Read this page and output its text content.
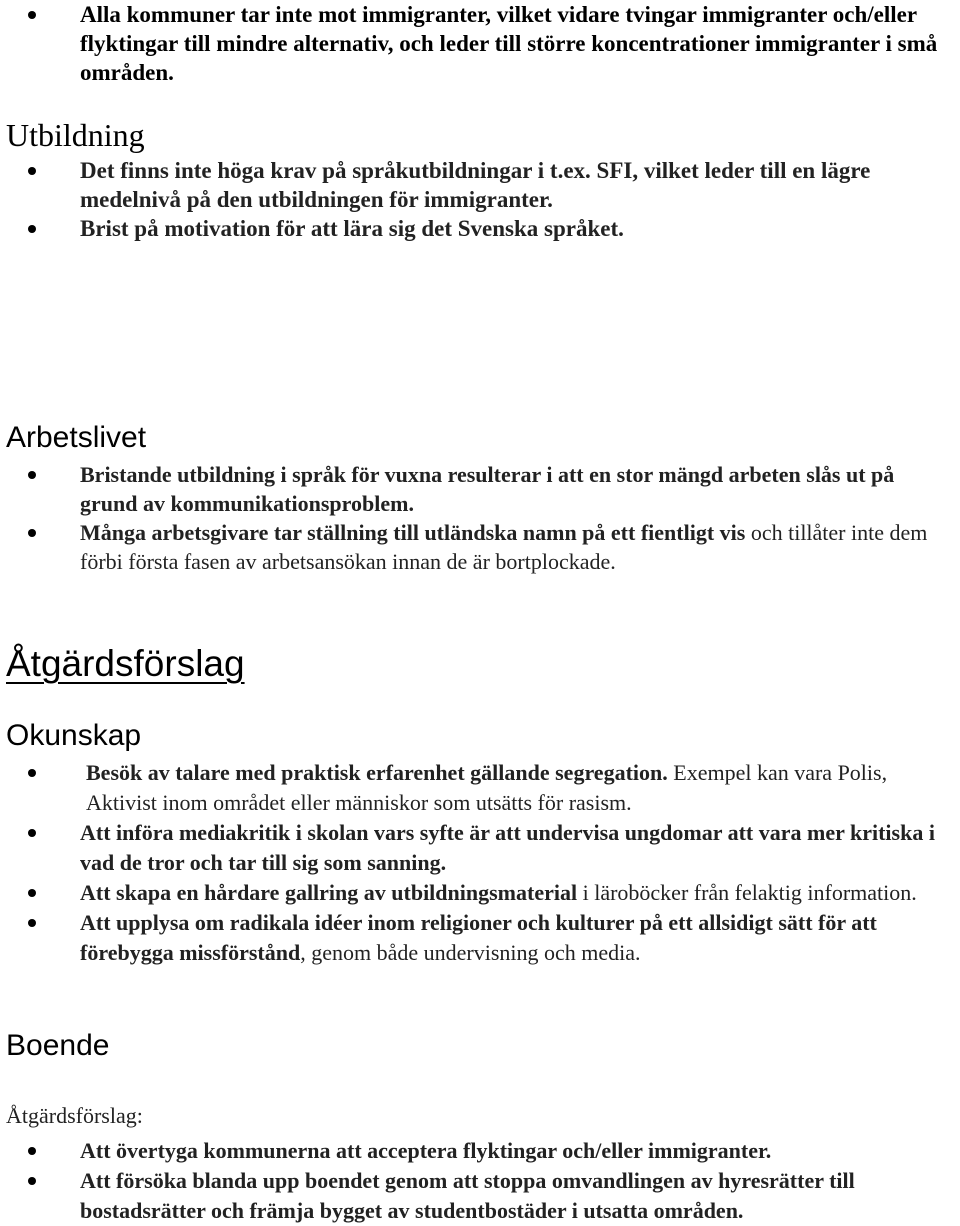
Alla kommuner tar inte mot immigranter, vilket vidare tvingar immigranter och/eller flyktingar till mindre alternativ, och leder till större koncentrationer immigranter i små områden.
Utbildning
Det finns inte höga krav på språkutbildningar i t.ex. SFI, vilket leder till en lägre medelnivå på den utbildningen för immigranter.
Brist på motivation för att lära sig det Svenska språket.
Arbetslivet
Bristande utbildning i språk för vuxna resulterar i att en stor mängd arbeten slås ut på grund av kommunikationsproblem.
Många arbetsgivare tar ställning till utländska namn på ett fientligt vis och tillåter inte dem förbi första fasen av arbetsansökan innan de är bortplockade.
Åtgärdsförslag
Okunskap
Besök av talare med praktisk erfarenhet gällande segregation. Exempel kan vara Polis, Aktivist inom området eller människor som utsätts för rasism.
Att införa mediakritik i skolan vars syfte är att undervisa ungdomar att vara mer kritiska i vad de tror och tar till sig som sanning.
Att skapa en hårdare gallring av utbildningsmaterial i läroböcker från felaktig information.
Att upplysa om radikala idéer inom religioner och kulturer på ett allsidigt sätt för att förebygga missförstånd, genom både undervisning och media.
Boende

Åtgärdsförslag:

Att övertyga kommunerna att acceptera flyktingar och/eller immigranter.
Att försöka blanda upp boendet genom att stoppa omvandlingen av hyresrätter till bostadsrätter och främja bygget av studentbostäder i utsatta områden.
